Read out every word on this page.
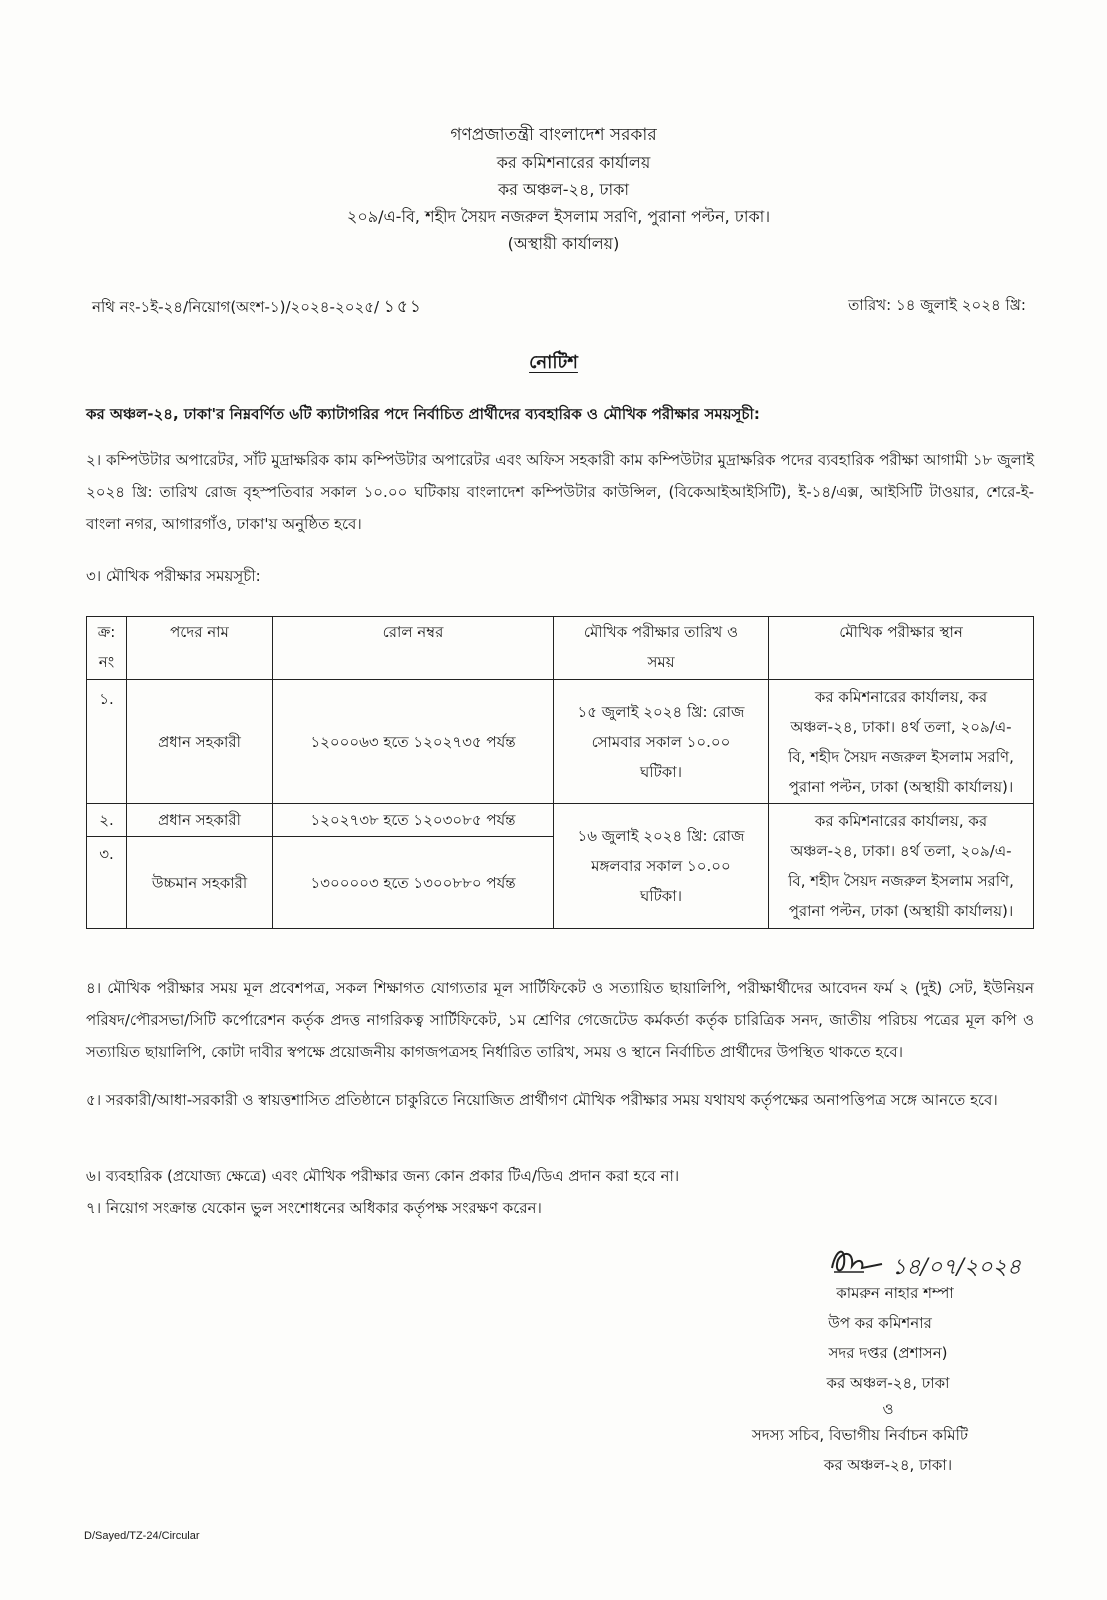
গণপ্রজাতন্ত্রী বাংলাদেশ সরকার
কর কমিশনারের কার্যালয়
কর অঞ্চল-২৪, ঢাকা
২০৯/এ-বি, শহীদ সৈয়দ নজরুল ইসলাম সরণি, পুরানা পল্টন, ঢাকা।
(অস্থায়ী কার্যালয়)
নথি নং-১ই-২৪/নিয়োগ(অংশ-১)/২০২৪-২০২৫/ ১৫১	তারিখ: ১৪ জুলাই ২০২৪ খ্রি:
নোটিশ
কর অঞ্চল-২৪, ঢাকা'র নিম্নবর্ণিত ৬টি ক্যাটাগরির পদে নির্বাচিত প্রার্থীদের ব্যবহারিক ও মৌখিক পরীক্ষার সময়সূচী:
২। কম্পিউটার অপারেটর, সাঁট মুদ্রাক্ষরিক কাম কম্পিউটার অপারেটর এবং অফিস সহকারী কাম কম্পিউটার মুদ্রাক্ষরিক পদের ব্যবহারিক পরীক্ষা আগামী ১৮ জুলাই ২০২৪ খ্রি: তারিখ রোজ বৃহস্পতিবার সকাল ১০.০০ ঘটিকায় বাংলাদেশ কম্পিউটার কাউন্সিল, (বিকেআইআইসিটি), ই-১৪/এক্স, আইসিটি টাওয়ার, শেরে-ই-বাংলা নগর, আগারগাঁও, ঢাকা'য় অনুষ্ঠিত হবে।
৩। মৌখিক পরীক্ষার সময়সূচী:
ক্র: নং	পদের নাম	রোল নম্বর	মৌখিক পরীক্ষার তারিখ ও সময়	মৌখিক পরীক্ষার স্থান
১.	প্রধান সহকারী	১২০০০৬৩ হতে ১২০২৭৩৫ পর্যন্ত	১৫ জুলাই ২০২৪ খ্রি: রোজ সোমবার সকাল ১০.০০ ঘটিকা।	কর কমিশনারের কার্যালয়, কর অঞ্চল-২৪, ঢাকা। ৪র্থ তলা, ২০৯/এ-বি, শহীদ সৈয়দ নজরুল ইসলাম সরণি, পুরানা পল্টন, ঢাকা (অস্থায়ী কার্যালয়)।
২.	প্রধান সহকারী	১২০২৭৩৮ হতে ১২০৩০৮৫ পর্যন্ত	১৬ জুলাই ২০২৪ খ্রি: রোজ মঙ্গলবার সকাল ১০.০০ ঘটিকা।	কর কমিশনারের কার্যালয়, কর অঞ্চল-২৪, ঢাকা। ৪র্থ তলা, ২০৯/এ-বি, শহীদ সৈয়দ নজরুল ইসলাম সরণি, পুরানা পল্টন, ঢাকা (অস্থায়ী কার্যালয়)।
৩.	উচ্চমান সহকারী	১৩০০০০৩ হতে ১৩০০৮৮০ পর্যন্ত		
৪। মৌখিক পরীক্ষার সময় মূল প্রবেশপত্র, সকল শিক্ষাগত যোগ্যতার মূল সার্টিফিকেট ও সত্যায়িত ছায়ালিপি, পরীক্ষার্থীদের আবেদন ফর্ম ২ (দুই) সেট, ইউনিয়ন পরিষদ/পৌরসভা/সিটি কর্পোরেশন কর্তৃক প্রদত্ত নাগরিকত্ব সার্টিফিকেট, ১ম শ্রেণির গেজেটেড কর্মকর্তা কর্তৃক চারিত্রিক সনদ, জাতীয় পরিচয় পত্রের মূল কপি ও সত্যায়িত ছায়ালিপি, কোটা দাবীর স্বপক্ষে প্রয়োজনীয় কাগজপত্রসহ নির্ধারিত তারিখ, সময় ও স্থানে নির্বাচিত প্রার্থীদের উপস্থিত থাকতে হবে।
৫। সরকারী/আধা-সরকারী ও স্বায়ত্তশাসিত প্রতিষ্ঠানে চাকুরিতে নিয়োজিত প্রার্থীগণ মৌখিক পরীক্ষার সময় যথাযথ কর্তৃপক্ষের অনাপত্তিপত্র সঙ্গে আনতে হবে।
৬। ব্যবহারিক (প্রযোজ্য ক্ষেত্রে) এবং মৌখিক পরীক্ষার জন্য কোন প্রকার টিএ/ডিএ প্রদান করা হবে না।
৭। নিয়োগ সংক্রান্ত যেকোন ভুল সংশোধনের অধিকার কর্তৃপক্ষ সংরক্ষণ করেন।
১৪/০৭/২০২৪
কামরুন নাহার শম্পা
উপ কর কমিশনার
সদর দপ্তর (প্রশাসন)
কর অঞ্চল-২৪, ঢাকা
ও
সদস্য সচিব, বিভাগীয় নির্বাচন কমিটি
কর অঞ্চল-২৪, ঢাকা।
D/Sayed/TZ-24/Circular
